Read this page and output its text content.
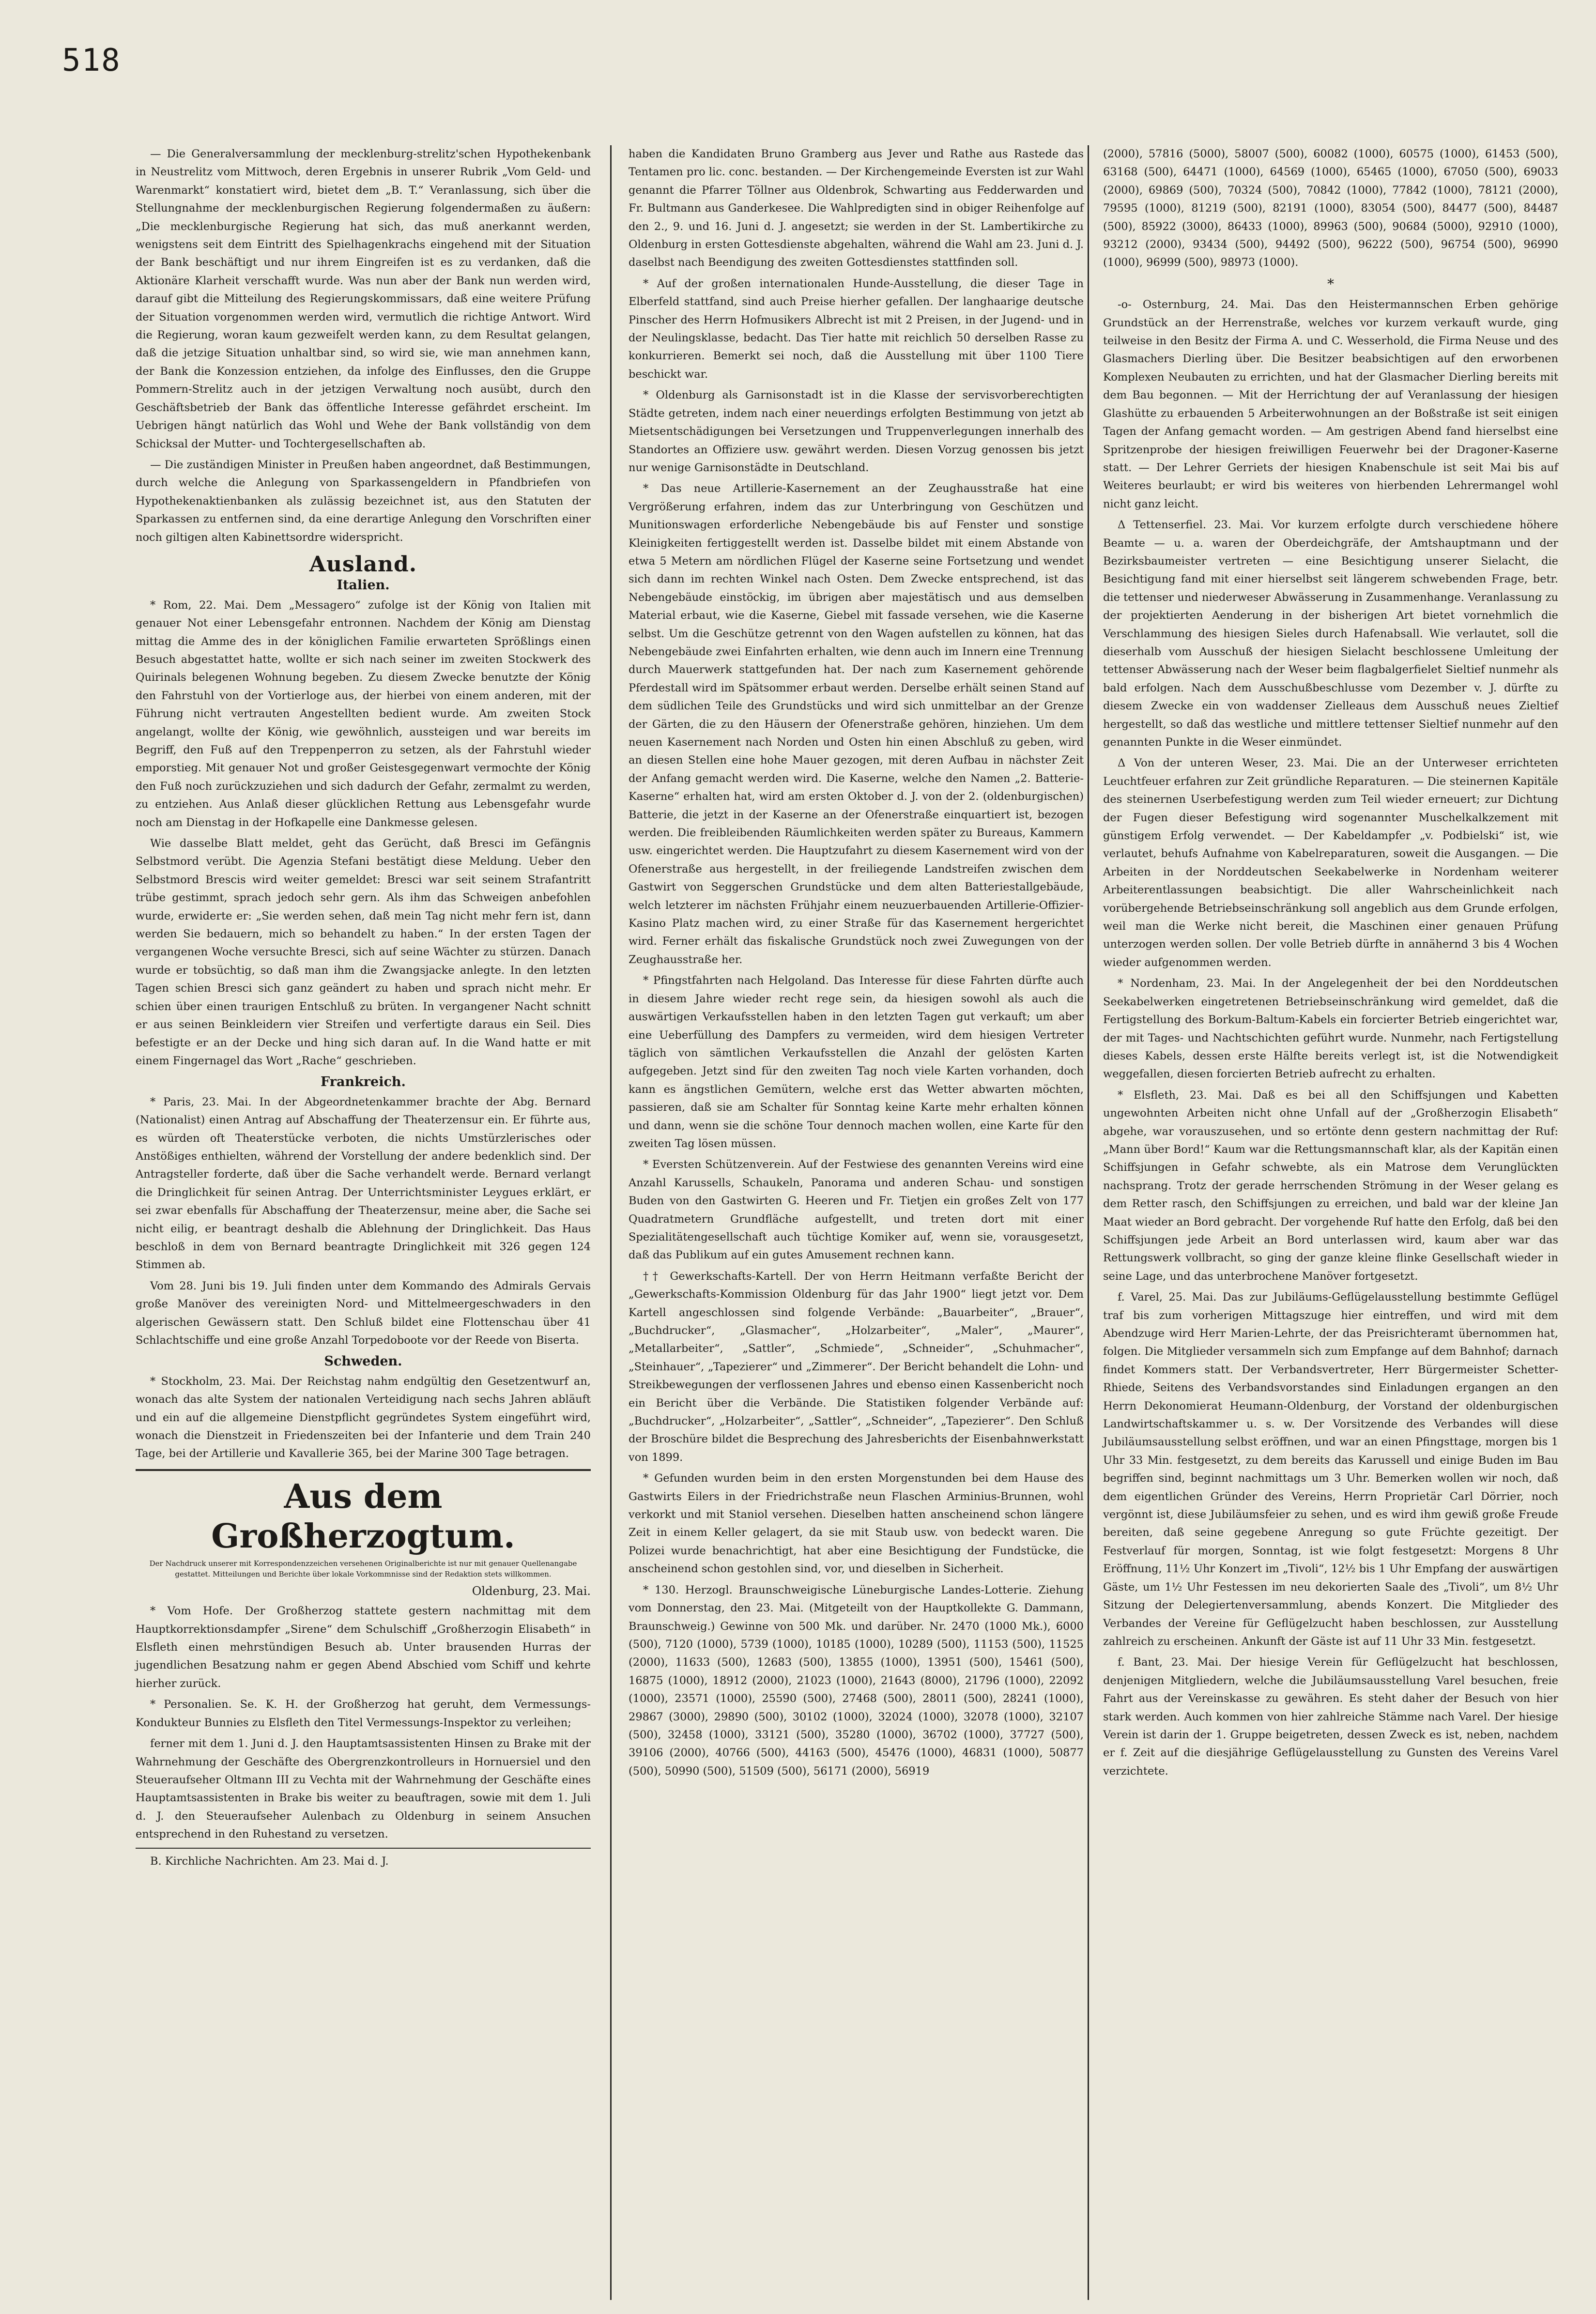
518

— Die Generalversammlung der mecklenburg-strelitz'schen Hypothekenbank in Neustrelitz vom Mittwoch, deren Ergebnis in unserer Rubrik „Vom Geld- und Warenmarkt“ konstatiert wird, bietet dem „B. T.“ Veranlassung, sich über die Stellungnahme der mecklenburgischen Regierung folgendermaßen zu äußern: „Die mecklenburgische Regierung hat sich, das muß anerkannt werden, wenigstens seit dem Eintritt des Spielhagenkrachs eingehend mit der Situation der Bank beschäftigt und nur ihrem Eingreifen ist es zu verdanken, daß die Aktionäre Klarheit verschafft wurde. Was nun aber der Bank nun werden wird, darauf gibt die Mitteilung des Regierungskommissars, daß eine weitere Prüfung der Situation vorgenommen werden wird, vermutlich die richtige Antwort. Wird die Regierung, woran kaum gezweifelt werden kann, zu dem Resultat gelangen, daß die jetzige Situation unhaltbar sind, so wird sie, wie man annehmen kann, der Bank die Konzession entziehen, da infolge des Einflusses, den die Gruppe Pommern-Strelitz auch in der jetzigen Verwaltung noch ausübt, durch den Geschäftsbetrieb der Bank das öffentliche Interesse gefährdet erscheint. Im Uebrigen hängt natürlich das Wohl und Wehe der Bank vollständig von dem Schicksal der Mutter- und Tochtergesellschaften ab.

— Die zuständigen Minister in Preußen haben angeordnet, daß Bestimmungen, durch welche die Anlegung von Sparkassengeldern in Pfandbriefen von Hypothekenaktienbanken als zulässig bezeichnet ist, aus den Statuten der Sparkassen zu entfernen sind, da eine derartige Anlegung den Vorschriften einer noch giltigen alten Kabinettsordre widerspricht.

Ausland.
Italien.

* Rom, 22. Mai. Dem „Messagero“ zufolge ist der König von Italien mit genauer Not einer Lebensgefahr entronnen. Nachdem der König am Dienstag mittag die Amme des in der königlichen Familie erwarteten Sprößlings einen Besuch abgestattet hatte, wollte er sich nach seiner im zweiten Stockwerk des Quirinals belegenen Wohnung begeben. Zu diesem Zwecke benutzte der König den Fahrstuhl von der Vortierloge aus, der hierbei von einem anderen, mit der Führung nicht vertrauten Angestellten bedient wurde. Am zweiten Stock angelangt, wollte der König, wie gewöhnlich, aussteigen und war bereits im Begriff, den Fuß auf den Treppenperron zu setzen, als der Fahrstuhl wieder emporstieg. Mit genauer Not und großer Geistesgegenwart vermochte der König den Fuß noch zurückzuziehen und sich dadurch der Gefahr, zermalmt zu werden, zu entziehen. Aus Anlaß dieser glücklichen Rettung aus Lebensgefahr wurde noch am Dienstag in der Hofkapelle eine Dankmesse gelesen.

Wie dasselbe Blatt meldet, geht das Gerücht, daß Bresci im Gefängnis Selbstmord verübt. Die Agenzia Stefani bestätigt diese Meldung. Ueber den Selbstmord Brescis wird weiter gemeldet: Bresci war seit seinem Strafantritt trübe gestimmt, sprach jedoch sehr gern. Als ihm das Schweigen anbefohlen wurde, erwiderte er: „Sie werden sehen, daß mein Tag nicht mehr fern ist, dann werden Sie bedauern, mich so behandelt zu haben.“ In der ersten Tagen der vergangenen Woche versuchte Bresci, sich auf seine Wächter zu stürzen. Danach wurde er tobsüchtig, so daß man ihm die Zwangsjacke anlegte. In den letzten Tagen schien Bresci sich ganz geändert zu haben und sprach nicht mehr. Er schien über einen traurigen Entschluß zu brüten. In vergangener Nacht schnitt er aus seinen Beinkleidern vier Streifen und verfertigte daraus ein Seil. Dies befestigte er an der Decke und hing sich daran auf. In die Wand hatte er mit einem Fingernagel das Wort „Rache“ geschrieben.

Frankreich.

* Paris, 23. Mai. In der Abgeordnetenkammer brachte der Abg. Bernard (Nationalist) einen Antrag auf Abschaffung der Theaterzensur ein. Er führte aus, es würden oft Theaterstücke verboten, die nichts Umstürzlerisches oder Anstößiges enthielten, während der Vorstellung der andere bedenklich sind. Der Antragsteller forderte, daß über die Sache verhandelt werde. Bernard verlangt die Dringlichkeit für seinen Antrag. Der Unterrichtsminister Leygues erklärt, er sei zwar ebenfalls für Abschaffung der Theaterzensur, meine aber, die Sache sei nicht eilig, er beantragt deshalb die Ablehnung der Dringlichkeit. Das Haus beschloß in dem von Bernard beantragte Dringlichkeit mit 326 gegen 124 Stimmen ab.

Vom 28. Juni bis 19. Juli finden unter dem Kommando des Admirals Gervais große Manöver des vereinigten Nord- und Mittelmeergeschwaders in den algerischen Gewässern statt. Den Schluß bildet eine Flottenschau über 41 Schlachtschiffe und eine große Anzahl Torpedoboote vor der Reede von Biserta.

Schweden.

* Stockholm, 23. Mai. Der Reichstag nahm endgültig den Gesetzentwurf an, wonach das alte System der nationalen Verteidigung nach sechs Jahren abläuft und ein auf die allgemeine Dienstpflicht gegründetes System eingeführt wird, wonach die Dienstzeit in Friedenszeiten bei der Infanterie und dem Train 240 Tage, bei der Artillerie und Kavallerie 365, bei der Marine 300 Tage betragen.

Aus dem Großherzogtum.
Der Nachdruck unserer mit Korrespondenzzeichen versehenen Originalberichte ist nur mit genauer Quellenangabe gestattet. Mitteilungen und Berichte über lokale Vorkommnisse sind der Redaktion stets willkommen.
Oldenburg, 23. Mai.

* Vom Hofe. Der Großherzog stattete gestern nachmittag mit dem Hauptkorrektionsdampfer „Sirene“ dem Schulschiff „Großherzogin Elisabeth“ in Elsfleth einen mehrstündigen Besuch ab. Unter brausenden Hurras der jugendlichen Besatzung nahm er gegen Abend Abschied vom Schiff und kehrte hierher zurück.

* Personalien. Se. K. H. der Großherzog hat geruht, dem Vermessungs-Kondukteur Bunnies zu Elsfleth den Titel Vermessungs-Inspektor zu verleihen;

ferner mit dem 1. Juni d. J. den Hauptamtsassistenten Hinsen zu Brake mit der Wahrnehmung der Geschäfte des Obergrenzkontrolleurs in Hornuersiel und den Steueraufseher Oltmann III zu Vechta mit der Wahrnehmung der Geschäfte eines Hauptamtsassistenten in Brake bis weiter zu beauftragen, sowie mit dem 1. Juli d. J. den Steueraufseher Aulenbach zu Oldenburg in seinem Ansuchen entsprechend in den Ruhestand zu versetzen.

B. Kirchliche Nachrichten. Am 23. Mai d. J.

haben die Kandidaten Bruno Gramberg aus Jever und Rathe aus Rastede das Tentamen pro lic. conc. bestanden. — Der Kirchengemeinde Eversten ist zur Wahl genannt die Pfarrer Töllner aus Oldenbrok, Schwarting aus Fedderwarden und Fr. Bultmann aus Ganderkesee. Die Wahlpredigten sind in obiger Reihenfolge auf den 2., 9. und 16. Juni d. J. angesetzt; sie werden in der St. Lambertikirche zu Oldenburg in ersten Gottesdienste abgehalten, während die Wahl am 23. Juni d. J. daselbst nach Beendigung des zweiten Gottesdienstes stattfinden soll.

* Auf der großen internationalen Hunde-Ausstellung, die dieser Tage in Elberfeld stattfand, sind auch Preise hierher gefallen. Der langhaarige deutsche Pinscher des Herrn Hofmusikers Albrecht ist mit 2 Preisen, in der Jugend- und in der Neulingsklasse, bedacht. Das Tier hatte mit reichlich 50 derselben Rasse zu konkurrieren. Bemerkt sei noch, daß die Ausstellung mit über 1100 Tiere beschickt war.

* Oldenburg als Garnisonstadt ist in die Klasse der servisvorberechtigten Städte getreten, indem nach einer neuerdings erfolgten Bestimmung von jetzt ab Mietsentschädigungen bei Versetzungen und Truppenverlegungen innerhalb des Standortes an Offiziere usw. gewährt werden. Diesen Vorzug genossen bis jetzt nur wenige Garnisonstädte in Deutschland.

* Das neue Artillerie-Kasernement an der Zeughausstraße hat eine Vergrößerung erfahren, indem das zur Unterbringung von Geschützen und Munitionswagen erforderliche Nebengebäude bis auf Fenster und sonstige Kleinigkeiten fertiggestellt werden ist. Dasselbe bildet mit einem Abstande von etwa 5 Metern am nördlichen Flügel der Kaserne seine Fortsetzung und wendet sich dann im rechten Winkel nach Osten. Dem Zwecke entsprechend, ist das Nebengebäude einstöckig, im übrigen aber majestätisch und aus demselben Material erbaut, wie die Kaserne, Giebel mit fassade versehen, wie die Kaserne selbst. Um die Geschütze getrennt von den Wagen aufstellen zu können, hat das Nebengebäude zwei Einfahrten erhalten, wie denn auch im Innern eine Trennung durch Mauerwerk stattgefunden hat. Der nach zum Kasernement gehörende Pferdestall wird im Spätsommer erbaut werden. Derselbe erhält seinen Stand auf dem südlichen Teile des Grundstücks und wird sich unmittelbar an der Grenze der Gärten, die zu den Häusern der Ofenerstraße gehören, hinziehen. Um dem neuen Kasernement nach Norden und Osten hin einen Abschluß zu geben, wird an diesen Stellen eine hohe Mauer gezogen, mit deren Aufbau in nächster Zeit der Anfang gemacht werden wird. Die Kaserne, welche den Namen „2. Batterie-Kaserne“ erhalten hat, wird am ersten Oktober d. J. von der 2. (oldenburgischen) Batterie, die jetzt in der Kaserne an der Ofenerstraße einquartiert ist, bezogen werden. Die freibleibenden Räumlichkeiten werden später zu Bureaus, Kammern usw. eingerichtet werden. Die Hauptzufahrt zu diesem Kasernement wird von der Ofenerstraße aus hergestellt, in der freiliegende Landstreifen zwischen dem Gastwirt von Seggerschen Grundstücke und dem alten Batteriestallgebäude, welch letzterer im nächsten Frühjahr einem neuzuerbauenden Artillerie-Offizier-Kasino Platz machen wird, zu einer Straße für das Kasernement hergerichtet wird. Ferner erhält das fiskalische Grundstück noch zwei Zuwegungen von der Zeughausstraße her.

* Pfingstfahrten nach Helgoland. Das Interesse für diese Fahrten dürfte auch in diesem Jahre wieder recht rege sein, da hiesigen sowohl als auch die auswärtigen Verkaufsstellen haben in den letzten Tagen gut verkauft; um aber eine Ueberfüllung des Dampfers zu vermeiden, wird dem hiesigen Vertreter täglich von sämtlichen Verkaufsstellen die Anzahl der gelösten Karten aufgegeben. Jetzt sind für den zweiten Tag noch viele Karten vorhanden, doch kann es ängstlichen Gemütern, welche erst das Wetter abwarten möchten, passieren, daß sie am Schalter für Sonntag keine Karte mehr erhalten können und dann, wenn sie die schöne Tour dennoch machen wollen, eine Karte für den zweiten Tag lösen müssen.

* Eversten Schützenverein. Auf der Festwiese des genannten Vereins wird eine Anzahl Karussells, Schaukeln, Panorama und anderen Schau- und sonstigen Buden von den Gastwirten G. Heeren und Fr. Tietjen ein großes Zelt von 177 Quadratmetern Grundfläche aufgestellt, und treten dort mit einer Spezialitätengesellschaft auch tüchtige Komiker auf, wenn sie, vorausgesetzt, daß das Publikum auf ein gutes Amusement rechnen kann.

†† Gewerkschafts-Kartell. Der von Herrn Heitmann verfaßte Bericht der „Gewerkschafts-Kommission Oldenburg für das Jahr 1900“ liegt jetzt vor. Dem Kartell angeschlossen sind folgende Verbände: „Bauarbeiter“, „Brauer“, „Buchdrucker“, „Glasmacher“, „Holzarbeiter“, „Maler“, „Maurer“, „Metallarbeiter“, „Sattler“, „Schmiede“, „Schneider“, „Schuhmacher“, „Steinhauer“, „Tapezierer“ und „Zimmerer“. Der Bericht behandelt die Lohn- und Streikbewegungen der verflossenen Jahres und ebenso einen Kassenbericht noch ein Bericht über die Verbände. Die Statistiken folgender Verbände auf: „Buchdrucker“, „Holzarbeiter“, „Sattler“, „Schneider“, „Tapezierer“. Den Schluß der Broschüre bildet die Besprechung des Jahresberichts der Eisenbahnwerkstatt von 1899.

* Gefunden wurden beim in den ersten Morgenstunden bei dem Hause des Gastwirts Eilers in der Friedrichstraße neun Flaschen Arminius-Brunnen, wohl verkorkt und mit Staniol versehen. Dieselben hatten anscheinend schon längere Zeit in einem Keller gelagert, da sie mit Staub usw. von bedeckt waren. Die Polizei wurde benachrichtigt, hat aber eine Besichtigung der Fundstücke, die anscheinend schon gestohlen sind, vor, und dieselben in Sicherheit.

* 130. Herzogl. Braunschweigische Lüneburgische Landes-Lotterie. Ziehung vom Donnerstag, den 23. Mai. (Mitgeteilt von der Hauptkollekte G. Dammann, Braunschweig.) Gewinne von 500 Mk. und darüber. Nr. 2470 (1000 Mk.), 6000 (500), 7120 (1000), 5739 (1000), 10185 (1000), 10289 (500), 11153 (500), 11525 (2000), 11633 (500), 12683 (500), 13855 (1000), 13951 (500), 15461 (500), 16875 (1000), 18912 (2000), 21023 (1000), 21643 (8000), 21796 (1000), 22092 (1000), 23571 (1000), 25590 (500), 27468 (500), 28011 (500), 28241 (1000), 29867 (3000), 29890 (500), 30102 (1000), 32024 (1000), 32078 (1000), 32107 (500), 32458 (1000), 33121 (500), 35280 (1000), 36702 (1000), 37727 (500), 39106 (2000), 40766 (500), 44163 (500), 45476 (1000), 46831 (1000), 50877 (500), 50990 (500), 51509 (500), 56171 (2000), 56919

(2000), 57816 (5000), 58007 (500), 60082 (1000), 60575 (1000), 61453 (500), 63168 (500), 64471 (1000), 64569 (1000), 65465 (1000), 67050 (500), 69033 (2000), 69869 (500), 70324 (500), 70842 (1000), 77842 (1000), 78121 (2000), 79595 (1000), 81219 (500), 82191 (1000), 83054 (500), 84477 (500), 84487 (500), 85922 (3000), 86433 (1000), 89963 (500), 90684 (5000), 92910 (1000), 93212 (2000), 93434 (500), 94492 (500), 96222 (500), 96754 (500), 96990 (1000), 96999 (500), 98973 (1000).

*

-o- Osternburg, 24. Mai. Das den Heistermannschen Erben gehörige Grundstück an der Herrenstraße, welches vor kurzem verkauft wurde, ging teilweise in den Besitz der Firma A. und C. Wesserhold, die Firma Neuse und des Glasmachers Dierling über. Die Besitzer beabsichtigen auf den erworbenen Komplexen Neubauten zu errichten, und hat der Glasmacher Dierling bereits mit dem Bau begonnen. — Mit der Herrichtung der auf Veranlassung der hiesigen Glashütte zu erbauenden 5 Arbeiterwohnungen an der Boßstraße ist seit einigen Tagen der Anfang gemacht worden. — Am gestrigen Abend fand hierselbst eine Spritzenprobe der hiesigen freiwilligen Feuerwehr bei der Dragoner-Kaserne statt. — Der Lehrer Gerriets der hiesigen Knabenschule ist seit Mai bis auf Weiteres beurlaubt; er wird bis weiteres von hierbenden Lehrermangel wohl nicht ganz leicht.

Δ Tettenserfiel. 23. Mai. Vor kurzem erfolgte durch verschiedene höhere Beamte — u. a. waren der Oberdeichgräfe, der Amtshauptmann und der Bezirksbaumeister vertreten — eine Besichtigung unserer Sielacht, die Besichtigung fand mit einer hierselbst seit längerem schwebenden Frage, betr. die tettenser und niederweser Abwässerung in Zusammenhange. Veranlassung zu der projektierten Aenderung in der bisherigen Art bietet vornehmlich die Verschlammung des hiesigen Sieles durch Hafenabsall. Wie verlautet, soll die dieserhalb vom Ausschuß der hiesigen Sielacht beschlossene Umleitung der tettenser Abwässerung nach der Weser beim flagbalgerfielet Sieltief nunmehr als bald erfolgen. Nach dem Ausschußbeschlusse vom Dezember v. J. dürfte zu diesem Zwecke ein von waddenser Zielleaus dem Ausschuß neues Zieltief hergestellt, so daß das westliche und mittlere tettenser Sieltief nunmehr auf den genannten Punkte in die Weser einmündet.

Δ Von der unteren Weser, 23. Mai. Die an der Unterweser errichteten Leuchtfeuer erfahren zur Zeit gründliche Reparaturen. — Die steinernen Kapitäle des steinernen Userbefestigung werden zum Teil wieder erneuert; zur Dichtung der Fugen dieser Befestigung wird sogenannter Muschelkalkzement mit günstigem Erfolg verwendet. — Der Kabeldampfer „v. Podbielski“ ist, wie verlautet, behufs Aufnahme von Kabelreparaturen, soweit die Ausgangen. — Die Arbeiten in der Norddeutschen Seekabelwerke in Nordenham weiterer Arbeiterentlassungen beabsichtigt. Die aller Wahrscheinlichkeit nach vorübergehende Betriebseinschränkung soll angeblich aus dem Grunde erfolgen, weil man die Werke nicht bereit, die Maschinen einer genauen Prüfung unterzogen werden sollen. Der volle Betrieb dürfte in annähernd 3 bis 4 Wochen wieder aufgenommen werden.

* Nordenham, 23. Mai. In der Angelegenheit der bei den Norddeutschen Seekabelwerken eingetretenen Betriebseinschränkung wird gemeldet, daß die Fertigstellung des Borkum-Baltum-Kabels ein forcierter Betrieb eingerichtet war, der mit Tages- und Nachtschichten geführt wurde. Nunmehr, nach Fertigstellung dieses Kabels, dessen erste Hälfte bereits verlegt ist, ist die Notwendigkeit weggefallen, diesen forcierten Betrieb aufrecht zu erhalten.

* Elsfleth, 23. Mai. Daß es bei all den Schiffsjungen und Kabetten ungewohnten Arbeiten nicht ohne Unfall auf der „Großherzogin Elisabeth“ abgehe, war vorauszusehen, und so ertönte denn gestern nachmittag der Ruf: „Mann über Bord!“ Kaum war die Rettungsmannschaft klar, als der Kapitän einen Schiffsjungen in Gefahr schwebte, als ein Matrose dem Verunglückten nachsprang. Trotz der gerade herrschenden Strömung in der Weser gelang es dem Retter rasch, den Schiffsjungen zu erreichen, und bald war der kleine Jan Maat wieder an Bord gebracht. Der vorgehende Ruf hatte den Erfolg, daß bei den Schiffsjungen jede Arbeit an Bord unterlassen wird, kaum aber war das Rettungswerk vollbracht, so ging der ganze kleine flinke Gesellschaft wieder in seine Lage, und das unterbrochene Manöver fortgesetzt.

f. Varel, 25. Mai. Das zur Jubiläums-Geflügelausstellung bestimmte Geflügel traf bis zum vorherigen Mittagszuge hier eintreffen, und wird mit dem Abendzuge wird Herr Marien-Lehrte, der das Preisrichteramt übernommen hat, folgen. Die Mitglieder versammeln sich zum Empfange auf dem Bahnhof; darnach findet Kommers statt. Der Verbandsvertreter, Herr Bürgermeister Schetter-Rhiede, Seitens des Verbandsvorstandes sind Einladungen ergangen an den Herrn Dekonomierat Heumann-Oldenburg, der Vorstand der oldenburgischen Landwirtschaftskammer u. s. w. Der Vorsitzende des Verbandes will diese Jubiläumsausstellung selbst eröffnen, und war an einen Pfingsttage, morgen bis 1 Uhr 33 Min. festgesetzt, zu dem bereits das Karussell und einige Buden im Bau begriffen sind, beginnt nachmittags um 3 Uhr. Bemerken wollen wir noch, daß dem eigentlichen Gründer des Vereins, Herrn Proprietär Carl Dörrier, noch vergönnt ist, diese Jubiläumsfeier zu sehen, und es wird ihm gewiß große Freude bereiten, daß seine gegebene Anregung so gute Früchte gezeitigt. Der Festverlauf für morgen, Sonntag, ist wie folgt festgesetzt: Morgens 8 Uhr Eröffnung, 11½ Uhr Konzert im „Tivoli“, 12½ bis 1 Uhr Empfang der auswärtigen Gäste, um 1½ Uhr Festessen im neu dekorierten Saale des „Tivoli“, um 8½ Uhr Sitzung der Delegiertenversammlung, abends Konzert. Die Mitglieder des Verbandes der Vereine für Geflügelzucht haben beschlossen, zur Ausstellung zahlreich zu erscheinen. Ankunft der Gäste ist auf 11 Uhr 33 Min. festgesetzt.

f. Bant, 23. Mai. Der hiesige Verein für Geflügelzucht hat beschlossen, denjenigen Mitgliedern, welche die Jubiläumsausstellung Varel besuchen, freie Fahrt aus der Vereinskasse zu gewähren. Es steht daher der Besuch von hier stark werden. Auch kommen von hier zahlreiche Stämme nach Varel. Der hiesige Verein ist darin der 1. Gruppe beigetreten, dessen Zweck es ist, neben, nachdem er f. Zeit auf die diesjährige Geflügelausstellung zu Gunsten des Vereins Varel verzichtete.
